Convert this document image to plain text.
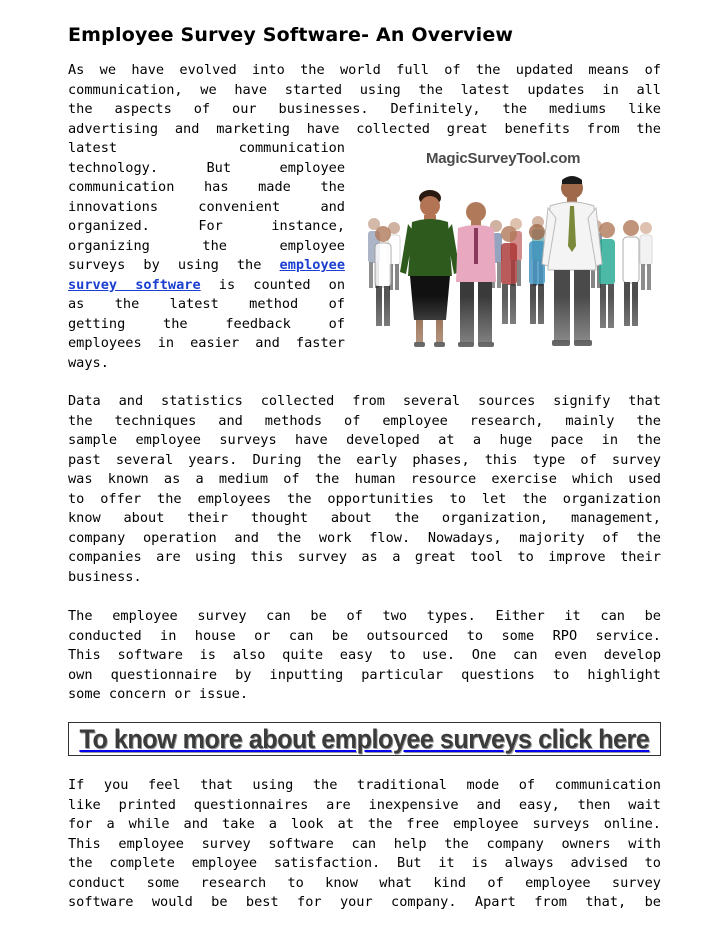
Employee Survey Software- An Overview
As we have evolved into the world full of the updated means of
communication, we have started using the latest updates in all
the aspects of our businesses. Definitely, the mediums like
advertising and marketing have collected great benefits from the
latest communication
technology. But employee
communication has made the
innovations convenient and
organized. For instance,
organizing the employee
surveys by using the employee
survey software is counted on
as the latest method of
getting the feedback of
employees in easier and faster
ways.
MagicSurveyTool.com
Data and statistics collected from several sources signify that
the techniques and methods of employee research, mainly the
sample employee surveys have developed at a huge pace in the
past several years. During the early phases, this type of survey
was known as a medium of the human resource exercise which used
to offer the employees the opportunities to let the organization
know about their thought about the organization, management,
company operation and the work flow. Nowadays, majority of the
companies are using this survey as a great tool to improve their
business.
The employee survey can be of two types. Either it can be
conducted in house or can be outsourced to some RPO service.
This software is also quite easy to use. One can even develop
own questionnaire by inputting particular questions to highlight
some concern or issue.
To know more about employee surveys click here
If you feel that using the traditional mode of communication
like printed questionnaires are inexpensive and easy, then wait
for a while and take a look at the free employee surveys online.
This employee survey software can help the company owners with
the complete employee satisfaction. But it is always advised to
conduct some research to know what kind of employee survey
software would be best for your company. Apart from that, be
